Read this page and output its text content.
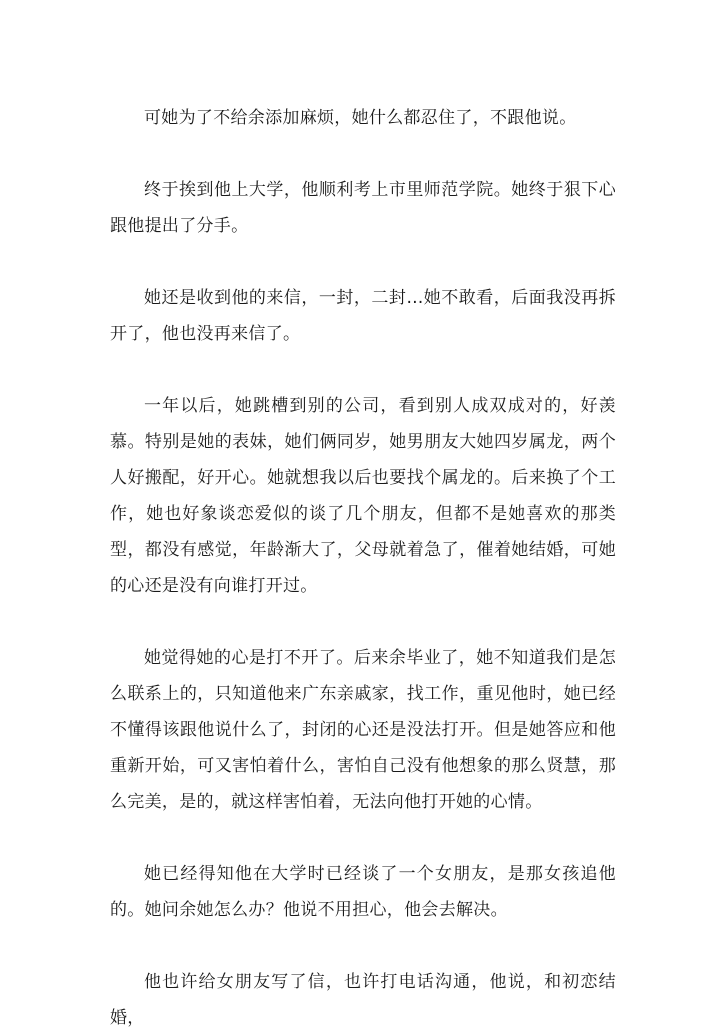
可她为了不给余添加麻烦，她什么都忍住了，不跟他说。

终于挨到他上大学，他顺利考上市里师范学院。她终于狠下心跟他提出了分手。

她还是收到他的来信，一封，二封…她不敢看，后面我没再拆开了，他也没再来信了。

一年以后，她跳槽到别的公司，看到别人成双成对的，好羡慕。特别是她的表妹，她们俩同岁，她男朋友大她四岁属龙，两个人好搬配，好开心。她就想我以后也要找个属龙的。后来换了个工作，她也好象谈恋爱似的谈了几个朋友，但都不是她喜欢的那类型，都没有感觉，年龄渐大了，父母就着急了，催着她结婚，可她的心还是没有向谁打开过。

她觉得她的心是打不开了。后来余毕业了，她不知道我们是怎么联系上的，只知道他来广东亲戚家，找工作，重见他时，她已经不懂得该跟他说什么了，封闭的心还是没法打开。但是她答应和他重新开始，可又害怕着什么，害怕自己没有他想象的那么贤慧，那么完美，是的，就这样害怕着，无法向他打开她的心情。

她已经得知他在大学时已经谈了一个女朋友，是那女孩追他的。她问余她怎么办？他说不用担心，他会去解决。

他也许给女朋友写了信，也许打电话沟通，他说，和初恋结婚，
